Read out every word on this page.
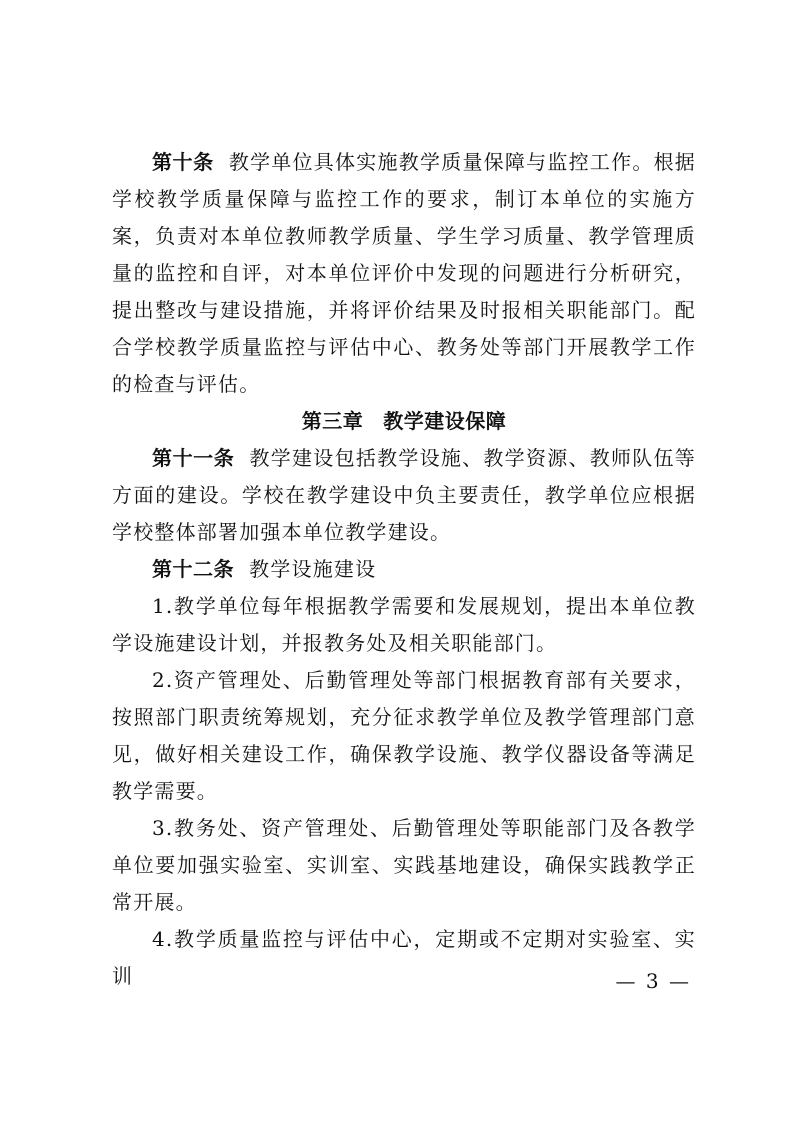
第十条 教学单位具体实施教学质量保障与监控工作。根据学校教学质量保障与监控工作的要求，制订本单位的实施方案，负责对本单位教师教学质量、学生学习质量、教学管理质量的监控和自评，对本单位评价中发现的问题进行分析研究，提出整改与建设措施，并将评价结果及时报相关职能部门。配合学校教学质量监控与评估中心、教务处等部门开展教学工作的检查与评估。

第三章 教学建设保障

第十一条 教学建设包括教学设施、教学资源、教师队伍等方面的建设。学校在教学建设中负主要责任，教学单位应根据学校整体部署加强本单位教学建设。

第十二条 教学设施建设

1.教学单位每年根据教学需要和发展规划，提出本单位教学设施建设计划，并报教务处及相关职能部门。

2.资产管理处、后勤管理处等部门根据教育部有关要求，按照部门职责统筹规划，充分征求教学单位及教学管理部门意见，做好相关建设工作，确保教学设施、教学仪器设备等满足教学需要。

3.教务处、资产管理处、后勤管理处等职能部门及各教学单位要加强实验室、实训室、实践基地建设，确保实践教学正常开展。

4.教学质量监控与评估中心，定期或不定期对实验室、实训	— 3 —
